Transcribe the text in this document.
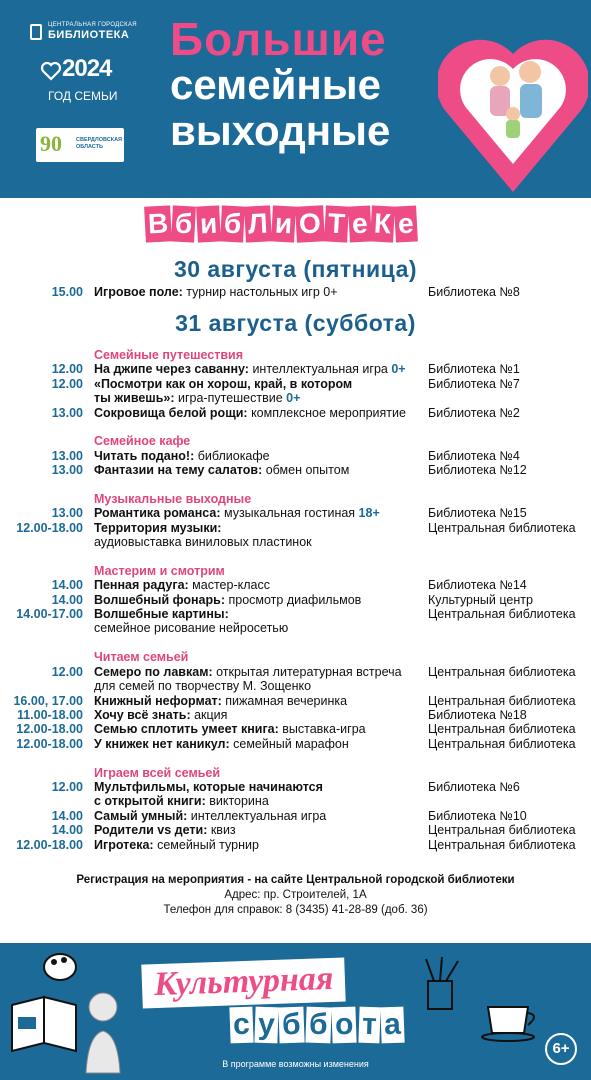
ЦЕНТРАЛЬНАЯ ГОРОДСКАЯ
БИБЛИОТЕКА
2024
ГОД СЕМЬИ
90	СВЕРДЛОВСКАЯ ОБЛАСТЬ
Большие
семейные
выходные
В б и б Л и О Т е К е
30 августа (пятница)
15.00 Игровое поле: турнир настольных игр 0+	Библиотека №8
31 августа (суббота)
Семейные путешествия
12.00 На джипе через саванну: интеллектуальная игра 0+	Библиотека №1
12.00 «Посмотри как он хорош, край, в котором
ты живешь»: игра-путешествие 0+
Библиотека №7
13.00 Сокровища белой рощи: комплексное мероприятие	Библиотека №2
Семейное кафе
13.00 Читать подано!: библиокафе	Библиотека №4
13.00 Фантазии на тему салатов: обмен опытом	Библиотека №12
Музыкальные выходные
13.00 Романтика романса: музыкальная гостиная 18+	Библиотека №15
12.00-18.00 Территория музыки:
аудиовыставка виниловых пластинок
Центральная библиотека
Мастерим и смотрим
14.00 Пенная радуга: мастер-класс	Библиотека №14
14.00 Волшебный фонарь: просмотр диафильмов	Культурный центр
14.00-17.00 Волшебные картины:
семейное рисование нейросетью
Центральная библиотека
Читаем семьей
12.00 Семеро по лавкам: открытая литературная встреча
для семей по творчеству М. Зощенко
Центральная библиотека
16.00, 17.00 Книжный неформат: пижамная вечеринка	Центральная библиотека
11.00-18.00 Хочу всё знать: акция	Библиотека №18
12.00-18.00 Семью сплотить умеет книга: выставка-игра	Центральная библиотека
12.00-18.00 У книжек нет каникул: семейный марафон	Центральная библиотека
Играем всей семьей
12.00 Мультфильмы, которые начинаются
с открытой книги: викторина
Библиотека №6
14.00 Самый умный: интеллектуальная игра	Библиотека №10
14.00 Родители vs дети: квиз	Центральная библиотека
12.00-18.00 Игротека: семейный турнир	Центральная библиотека
Регистрация на мероприятия - на сайте Центральной городской библиотеки
Адрес: пр. Строителей, 1А
Телефон для справок: 8 (3435) 41-28-89 (доб. 36)
Культурная
с у б б о т а
В программе возможны изменения
6+
